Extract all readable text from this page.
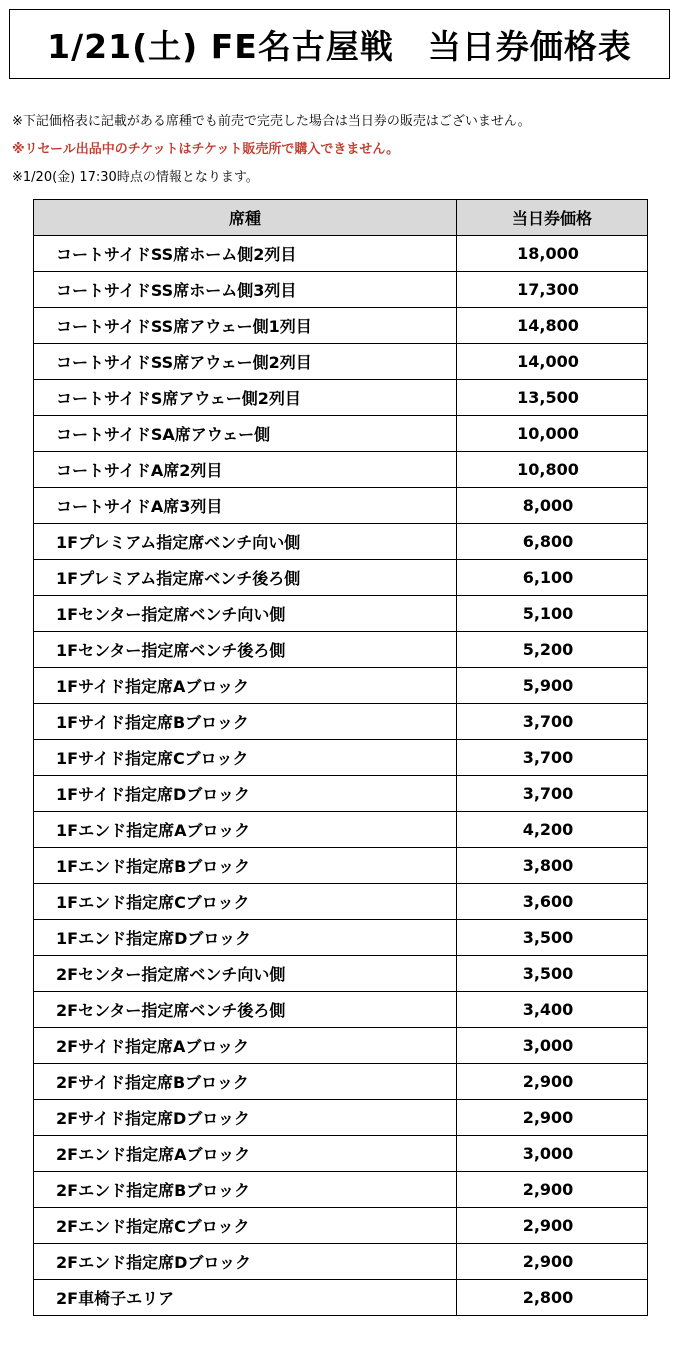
1/21(土) FE名古屋戦　当日券価格表
※下記価格表に記載がある席種でも前売で完売した場合は当日券の販売はございません。
※リセール出品中のチケットはチケット販売所で購入できません。
※1/20(金) 17:30時点の情報となります。
席種	当日券価格
コートサイドSS席ホーム側2列目	18,000
コートサイドSS席ホーム側3列目	17,300
コートサイドSS席アウェー側1列目	14,800
コートサイドSS席アウェー側2列目	14,000
コートサイドS席アウェー側2列目	13,500
コートサイドSA席アウェー側	10,000
コートサイドA席2列目	10,800
コートサイドA席3列目	8,000
1Fプレミアム指定席ベンチ向い側	6,800
1Fプレミアム指定席ベンチ後ろ側	6,100
1Fセンター指定席ベンチ向い側	5,100
1Fセンター指定席ベンチ後ろ側	5,200
1Fサイド指定席Aブロック	5,900
1Fサイド指定席Bブロック	3,700
1Fサイド指定席Cブロック	3,700
1Fサイド指定席Dブロック	3,700
1Fエンド指定席Aブロック	4,200
1Fエンド指定席Bブロック	3,800
1Fエンド指定席Cブロック	3,600
1Fエンド指定席Dブロック	3,500
2Fセンター指定席ベンチ向い側	3,500
2Fセンター指定席ベンチ後ろ側	3,400
2Fサイド指定席Aブロック	3,000
2Fサイド指定席Bブロック	2,900
2Fサイド指定席Dブロック	2,900
2Fエンド指定席Aブロック	3,000
2Fエンド指定席Bブロック	2,900
2Fエンド指定席Cブロック	2,900
2Fエンド指定席Dブロック	2,900
2F車椅子エリア	2,800
